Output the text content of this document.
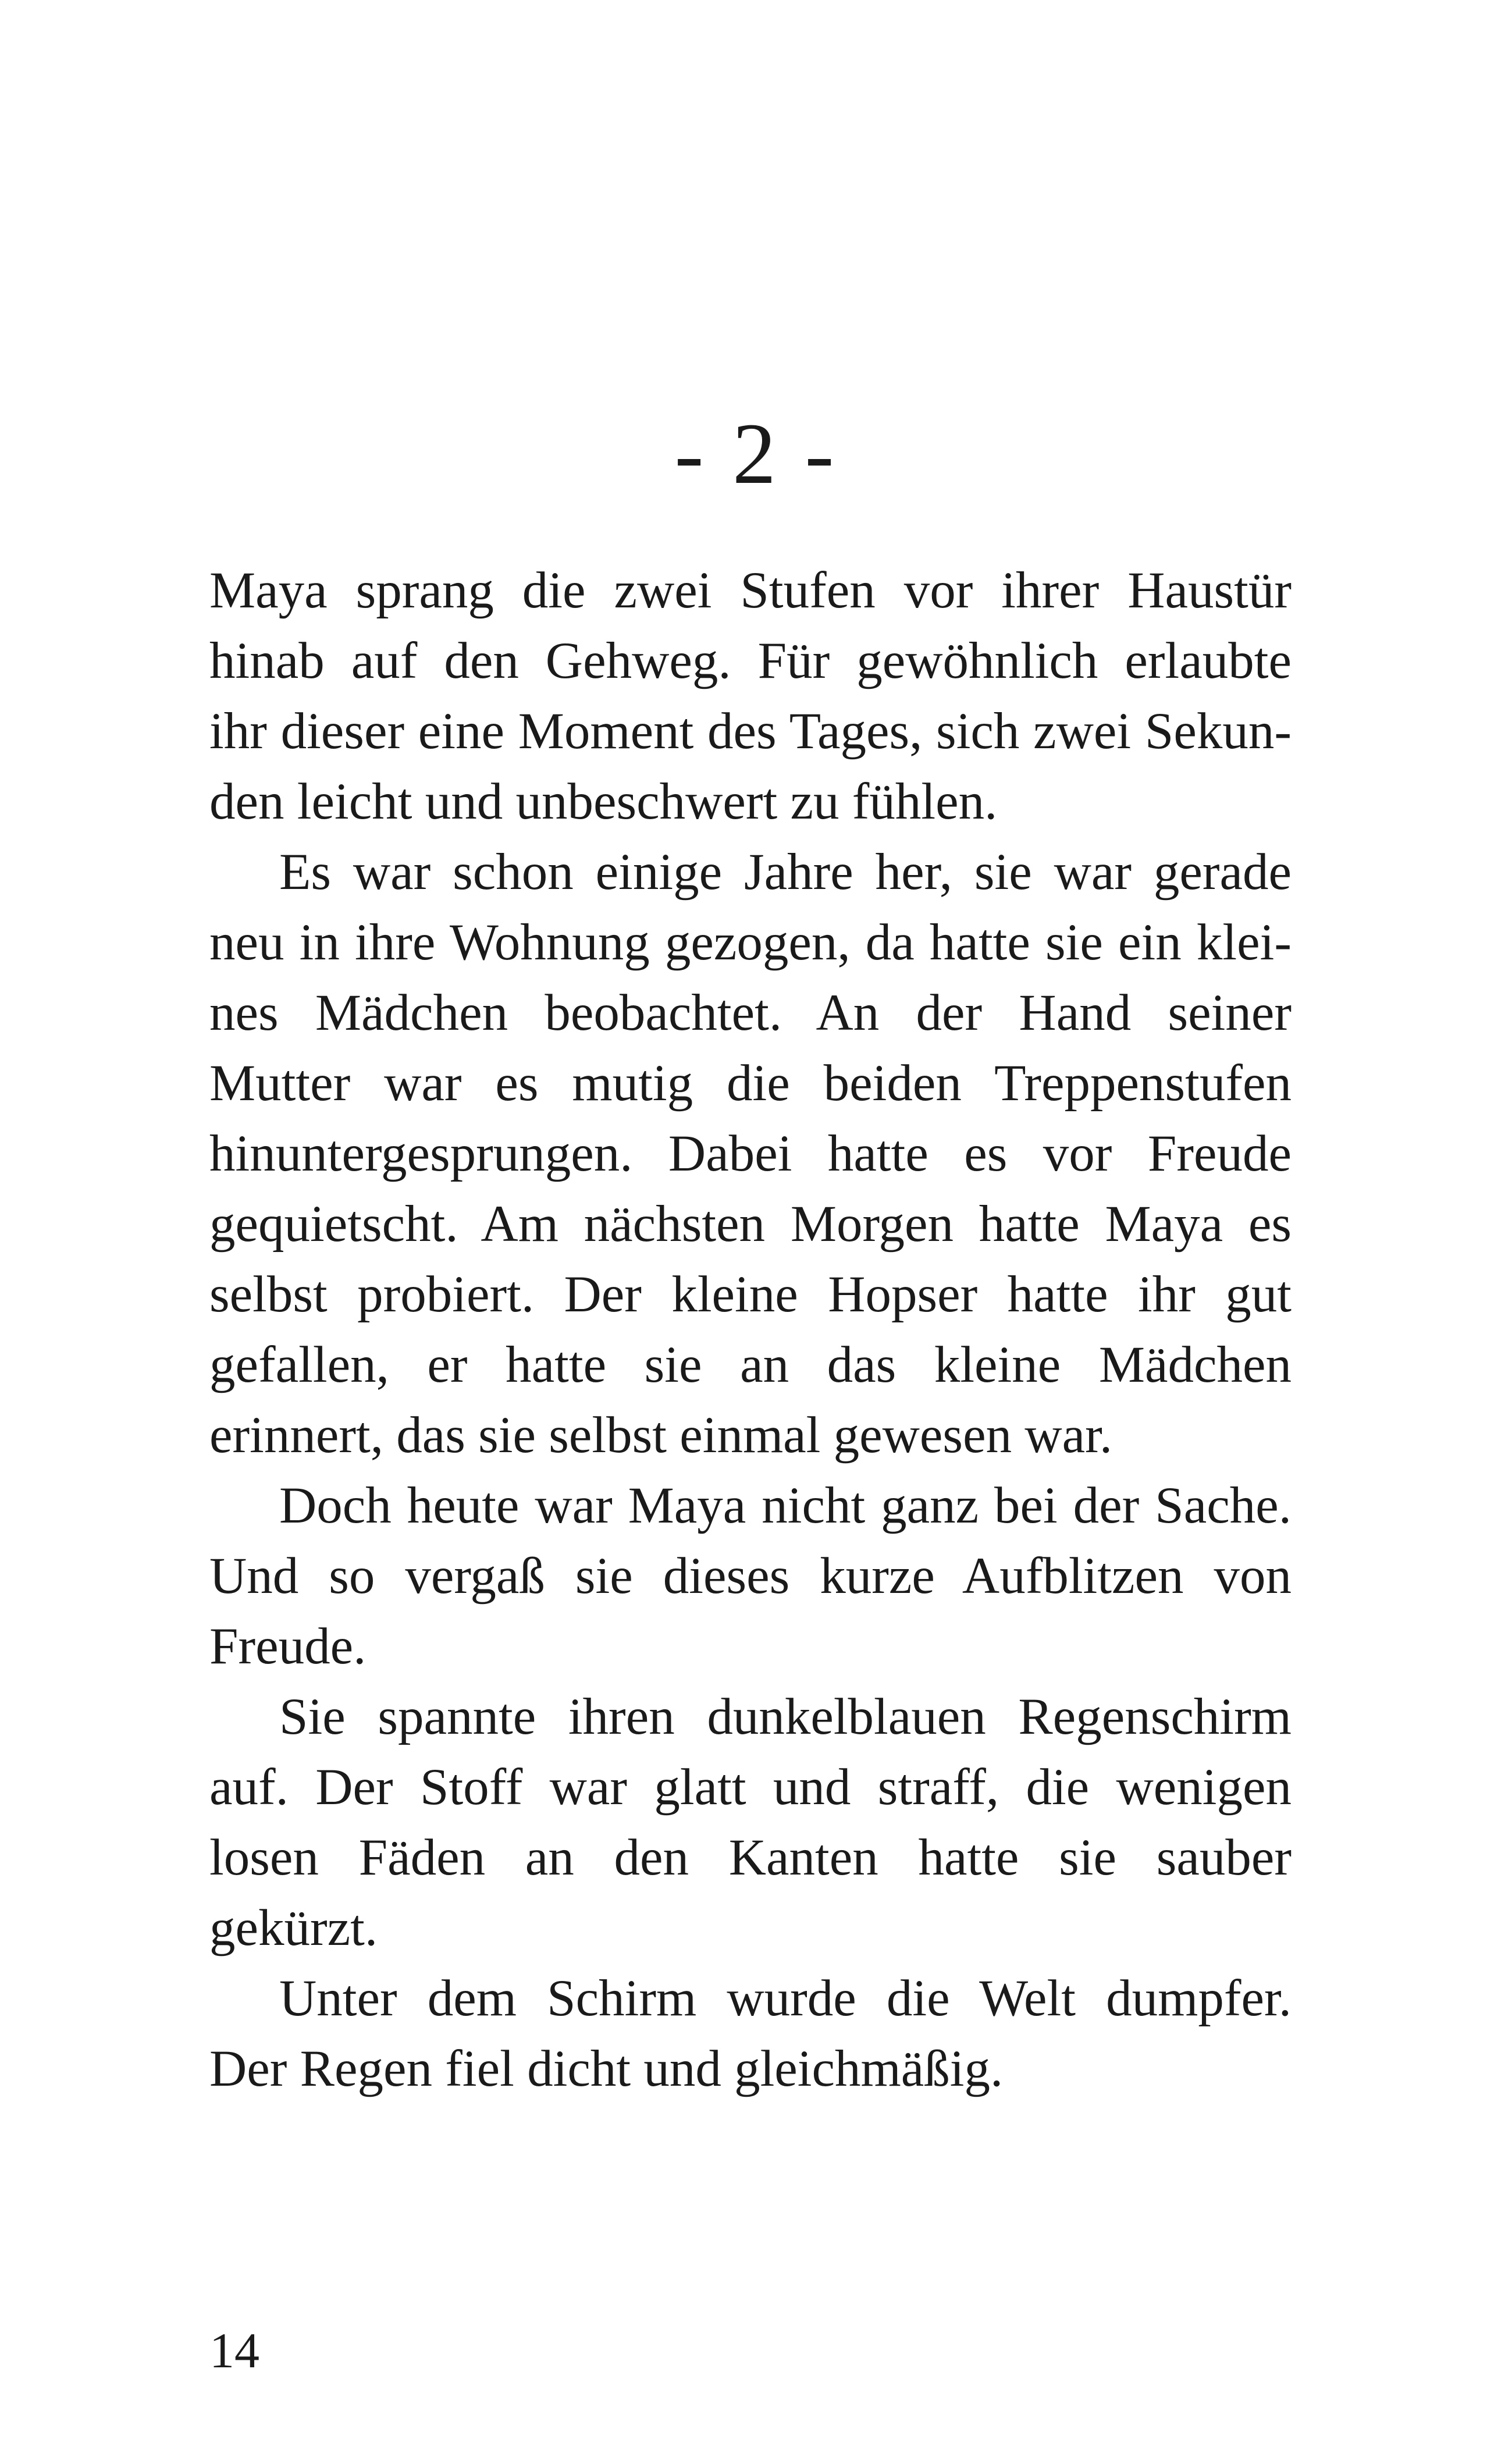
- 2 -
Maya sprang die zwei Stufen vor ihrer Haustür
hinab auf den Gehweg. Für gewöhnlich erlaubte
ihr dieser eine Moment des Tages, sich zwei Sekun-
den leicht und unbeschwert zu fühlen.
Es war schon einige Jahre her, sie war gerade
neu in ihre Wohnung gezogen, da hatte sie ein klei-
nes Mädchen beobachtet. An der Hand seiner
Mutter war es mutig die beiden Treppenstufen
hinuntergesprungen. Dabei hatte es vor Freude
gequietscht. Am nächsten Morgen hatte Maya es
selbst probiert. Der kleine Hopser hatte ihr gut
gefallen, er hatte sie an das kleine Mädchen
erinnert, das sie selbst einmal gewesen war.
Doch heute war Maya nicht ganz bei der Sache.
Und so vergaß sie dieses kurze Aufblitzen von
Freude.
Sie spannte ihren dunkelblauen Regenschirm
auf. Der Stoff war glatt und straff, die wenigen
losen Fäden an den Kanten hatte sie sauber
gekürzt.
Unter dem Schirm wurde die Welt dumpfer.
Der Regen fiel dicht und gleichmäßig.
14
